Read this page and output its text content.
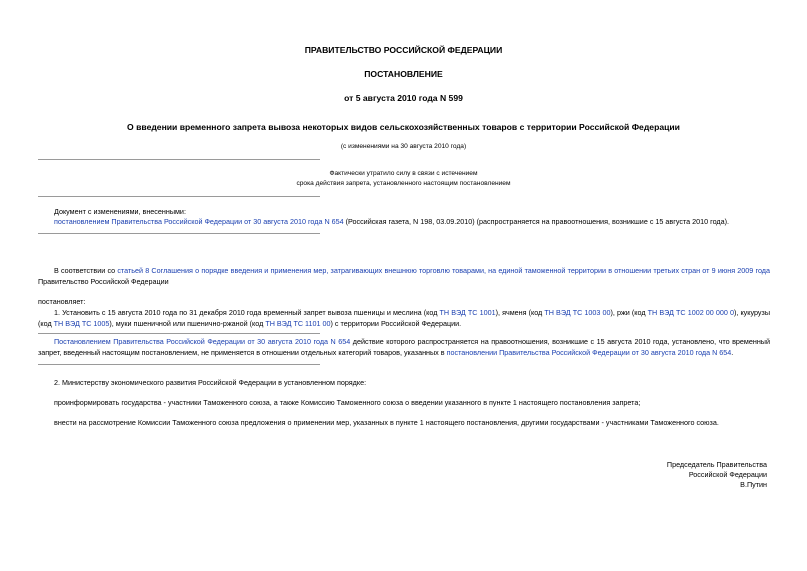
ПРАВИТЕЛЬСТВО РОССИЙСКОЙ ФЕДЕРАЦИИ

ПОСТАНОВЛЕНИЕ

от 5 августа 2010 года N 599

О введении временного запрета вывоза некоторых видов сельскохозяйственных товаров с территории Российской Федерации

(с изменениями на 30 августа 2010 года)

Фактически утратило силу в связи с истечением

срока действия запрета, установленного настоящим постановлением

Документ с изменениями, внесенными:

постановлением Правительства Российской Федерации от 30 августа 2010 года N 654 (Российская газета, N 198, 03.09.2010) (распространяется на правоотношения, возникшие с 15 августа 2010 года).

В соответствии со статьей 8 Соглашения о порядке введения и применения мер, затрагивающих внешнюю торговлю товарами, на единой таможенной территории в отношении третьих стран от 9 июня 2009 года Правительство Российской Федерации

постановляет:

1. Установить с 15 августа 2010 года по 31 декабря 2010 года временный запрет вывоза пшеницы и меслина (код ТН ВЭД ТС 1001), ячменя (код ТН ВЭД ТС 1003 00), ржи (код ТН ВЭД ТС 1002 00 000 0), кукурузы (код ТН ВЭД ТС 1005), муки пшеничной или пшенично-ржаной (код ТН ВЭД ТС 1101 00) с территории Российской Федерации.

Постановлением Правительства Российской Федерации от 30 августа 2010 года N 654 действие которого распространяется на правоотношения, возникшие с 15 августа 2010 года, установлено, что временный запрет, введенный настоящим постановлением, не применяется в отношении отдельных категорий товаров, указанных в постановлении Правительства Российской Федерации от 30 августа 2010 года N 654.

2. Министерству экономического развития Российской Федерации в установленном порядке:

проинформировать государства - участники Таможенного союза, а также Комиссию Таможенного союза о введении указанного в пункте 1 настоящего постановления запрета;

внести на рассмотрение Комиссии Таможенного союза предложения о применении мер, указанных в пункте 1 настоящего постановления, другими государствами - участниками Таможенного союза.

Председатель Правительства
Российской Федерации
В.Путин
